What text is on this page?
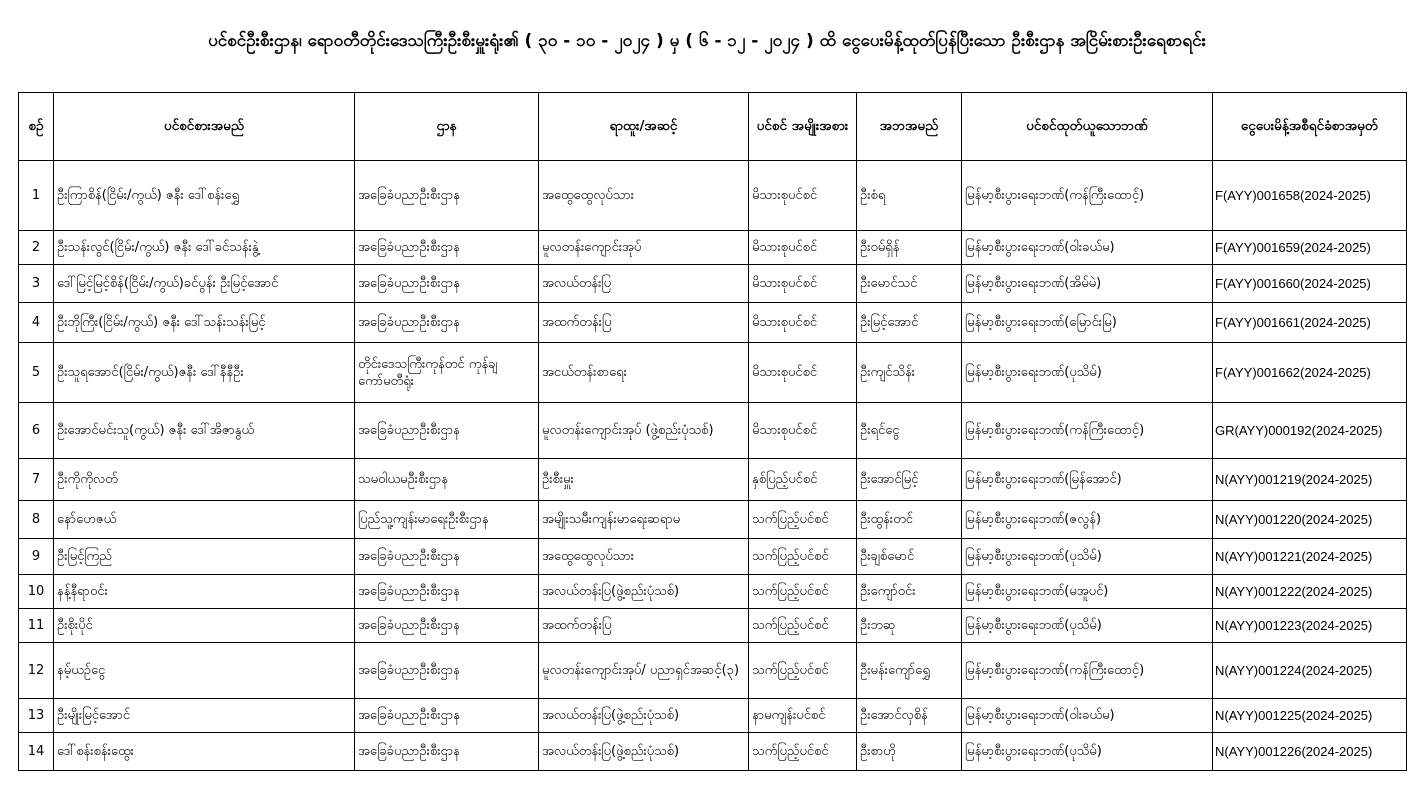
ပင်စင်ဦးစီးဌာန၊ ရောဝတီတိုင်းဒေသကြီးဦးစီးမှူးရုံး၏ ( ၃၀ - ၁၀ - ၂၀၂၄ ) မှ ( ၆ - ၁၂ - ၂၀၂၄ ) ထိ ငွေပေးမိန့်ထုတ်ပြန်ပြီးသော ဦးစီးဌာန အငြိမ်းစားဦးရေစာရင်း
စဉ်	ပင်စင်စားအမည်	ဌာန	ရာထူး/အဆင့်	ပင်စင် အမျိုးအစား	အဘအမည်	ပင်စင်ထုတ်ယူသောဘဏ်	ငွေပေးမိန့်အစီရင်ခံစာအမှတ်
1	ဦးကြာစိန်(ငြိမ်း/ကွယ်) ဇနီး ဒေါ်စန်းရွှေ	အခြေခံပညာဦးစီးဌာန	အထွေထွေလုပ်သား	မိသားစုပင်စင်	ဦးစံရ	မြန်မာ့စီးပွားရေးဘဏ်(ကန်ကြီးထောင့်)	F(AYY)001658(2024-2025)
2	ဦးသန်းလွင်(ငြိမ်း/ကွယ်) ဇနီး ဒေါ်ခင်သန်းနွဲ့	အခြေခံပညာဦးစီးဌာန	မူလတန်းကျောင်းအုပ်	မိသားစုပင်စင်	ဦးဝမ်ရှိန်	မြန်မာ့စီးပွားရေးဘဏ်(ဝါးခယ်မ)	F(AYY)001659(2024-2025)
3	ဒေါ်မြင့်မြင့်စိန်(ငြိမ်း/ကွယ်)ခင်ပွန်း ဦးမြင့်အောင်	အခြေခံပညာဦးစီးဌာန	အလယ်တန်းပြ	မိသားစုပင်စင်	ဦးမောင်သင်	မြန်မာ့စီးပွားရေးဘဏ်(အိမ်မဲ)	F(AYY)001660(2024-2025)
4	ဦးဘိုကြီး(ငြိမ်း/ကွယ်) ဇနီး ဒေါ်သန်းသန်းမြင့်	အခြေခံပညာဦးစီးဌာန	အထက်တန်းပြ	မိသားစုပင်စင်	ဦးမြင့်အောင်	မြန်မာ့စီးပွားရေးဘဏ်(မြောင်းမြ)	F(AYY)001661(2024-2025)
5	ဦးသူရအောင်(ငြိမ်း/ကွယ်)ဇနီး ဒေါ်နီနီဦး	တိုင်းဒေသကြီးကုန်တင် ကုန်ချကော်မတီရုံး	အငယ်တန်းစာရေး	မိသားစုပင်စင်	ဦးကျင်သိန်း	မြန်မာ့စီးပွားရေးဘဏ်(ပုသိမ်)	F(AYY)001662(2024-2025)
6	ဦးအောင်မင်းသူ(ကွယ်) ဇနီး ဒေါ်အိဇာနွယ်	အခြေခံပညာဦးစီးဌာန	မူလတန်းကျောင်းအုပ် (ဖွဲ့စည်းပုံသစ်)	မိသားစုပင်စင်	ဦးရင်ငွေ	မြန်မာ့စီးပွားရေးဘဏ်(ကန်ကြီးထောင့်)	GR(AYY)000192(2024-2025)
7	ဦးကိုကိုလတ်	သမဝါယမဦးစီးဌာန	ဦးစီးမှူး	နှစ်ပြည့်ပင်စင်	ဦးအောင်မြင့်	မြန်မာ့စီးပွားရေးဘဏ်(မြန်အောင်)	N(AYY)001219(2024-2025)
8	နော်ဟေဇယ်	ပြည်သူ့ကျန်းမာရေးဦးစီးဌာန	အမျိုးသမီးကျန်းမာရေးဆရာမ	သက်ပြည့်ပင်စင်	ဦးထွန်းတင်	မြန်မာ့စီးပွားရေးဘဏ်(ဇလွန်)	N(AYY)001220(2024-2025)
9	ဦးမြင့်ကြည်	အခြေခံပညာဦးစီးဌာန	အထွေထွေလုပ်သား	သက်ပြည့်ပင်စင်	ဦးချစ်မောင်	မြန်မာ့စီးပွားရေးဘဏ်(ပုသိမ်)	N(AYY)001221(2024-2025)
10	နန့်နီရာဝင်း	အခြေခံပညာဦးစီးဌာန	အလယ်တန်းပြ(ဖွဲ့စည်းပုံသစ်)	သက်ပြည့်ပင်စင်	ဦးကျော်ဝင်း	မြန်မာ့စီးပွားရေးဘဏ်(မအူပင်)	N(AYY)001222(2024-2025)
11	ဦးစိုးပိုင်	အခြေခံပညာဦးစီးဌာန	အထက်တန်းပြ	သက်ပြည့်ပင်စင်	ဦးဘဆု	မြန်မာ့စီးပွားရေးဘဏ်(ပုသိမ်)	N(AYY)001223(2024-2025)
12	နမ့်ယဉ်ငွေ	အခြေခံပညာဦးစီးဌာန	မူလတန်းကျောင်းအုပ်/ ပညာရှင်အဆင့်(၃)	သက်ပြည့်ပင်စင်	ဦးမန်းကျော်ရွှေ	မြန်မာ့စီးပွားရေးဘဏ်(ကန်ကြီးထောင့်)	N(AYY)001224(2024-2025)
13	ဦးမျိုးမြင့်အောင်	အခြေခံပညာဦးစီးဌာန	အလယ်တန်းပြ(ဖွဲ့စည်းပုံသစ်)	နာမကျန်းပင်စင်	ဦးအောင်လှစိန်	မြန်မာ့စီးပွားရေးဘဏ်(ဝါးခယ်မ)	N(AYY)001225(2024-2025)
14	ဒေါ်စန်းစန်းထွေး	အခြေခံပညာဦးစီးဌာန	အလယ်တန်းပြ(ဖွဲ့စည်းပုံသစ်)	သက်ပြည့်ပင်စင်	ဦးစာဟို	မြန်မာ့စီးပွားရေးဘဏ်(ပုသိမ်)	N(AYY)001226(2024-2025)
